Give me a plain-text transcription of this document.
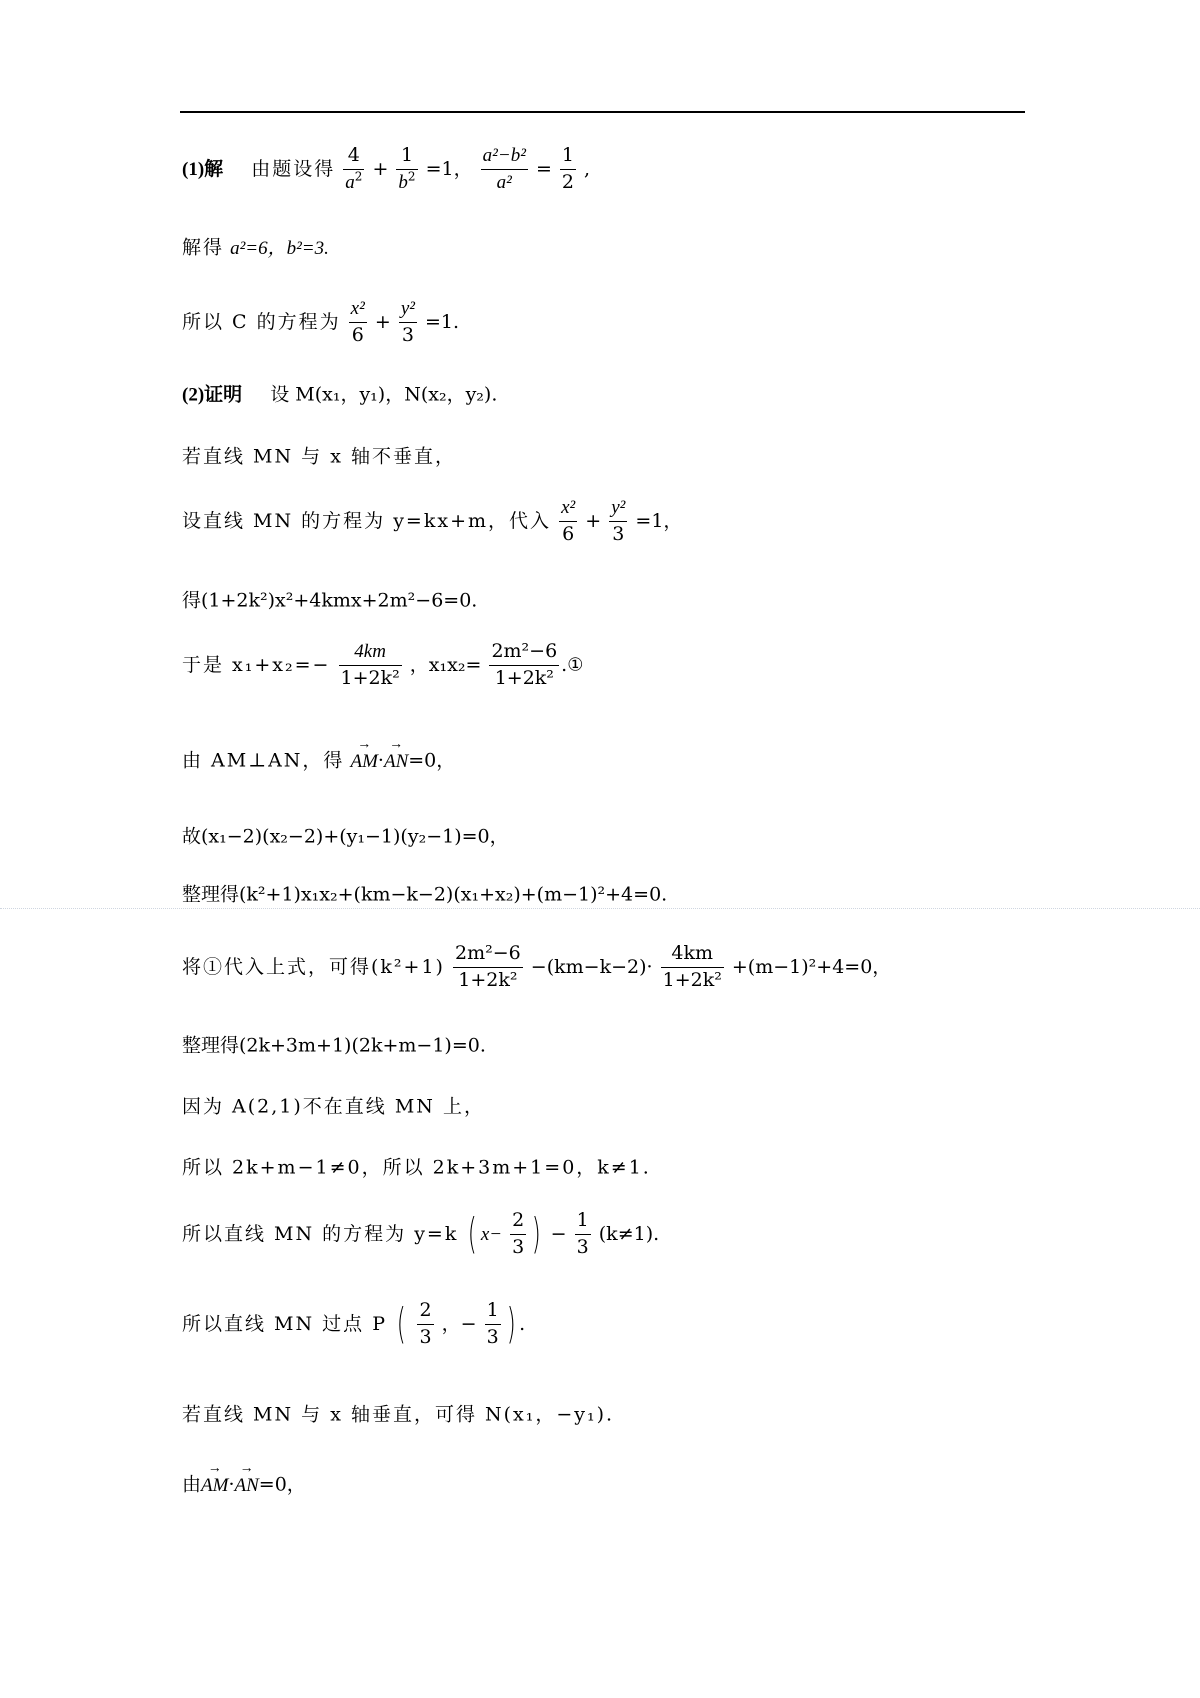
(1)解 由题设得 $\frac{4}{a^2} + \frac{1}{b^2} =1$， $\frac{\text{a²−b²}}{\text{a²}} = \frac{1}{2}$ ,
解得 a²=6，b²=3.
所以 C 的方程为 $\frac{\text{x²}}{6} + \frac{\text{y²}}{3} =1$.
(2)证明 设 M(x₁，y₁)，N(x₂，y₂).
若直线 MN 与 x 轴不垂直，
设直线 MN 的方程为 y=kx+m，代入 $\frac{\text{x²}}{6} + \frac{\text{y²}}{3} =1$，
得(1+2k²)x²+4kmx+2m²−6=0.
于是 $x_1+x_2=- \frac{4km}{\text{1+2k²}}$ ，$x_1x_2= \frac{\text{2m²−6}}{\text{1+2k²}}$ .①
由 AM⊥AN，得 → AM·→ AN=0，
故(x₁−2)(x₂−2)+(y₁−1)(y₂−1)=0，
整理得(k²+1)x₁x₂+(km−k−2)(x₁+x₂)+(m−1)²+4=0.
将①代入上式，可得$(k^2+1) \frac{\text{2m²−6}}{\text{1+2k²}} -(km-k-2)\cdot \frac{4km}{\text{1+2k²}} +(m-1)^2+4=0$，
整理得(2k+3m+1)(2k+m−1)=0.
因为 A(2,1)不在直线 MN 上，
所以 2k+m−1≠0，所以 2k+3m+1=0，k≠1.
所以直线 MN 的方程为 y=k ( $x- \frac{2}{3}$ ) − $\frac{1}{3} (k\ne 1)$.
所以直线 MN 过点 P ( $\frac{2}{3}$ ，− $\frac{1}{3}$ ) .
若直线 MN 与 x 轴垂直，可得 N(x₁，−y₁).
由→ AM·→ AN=0，
